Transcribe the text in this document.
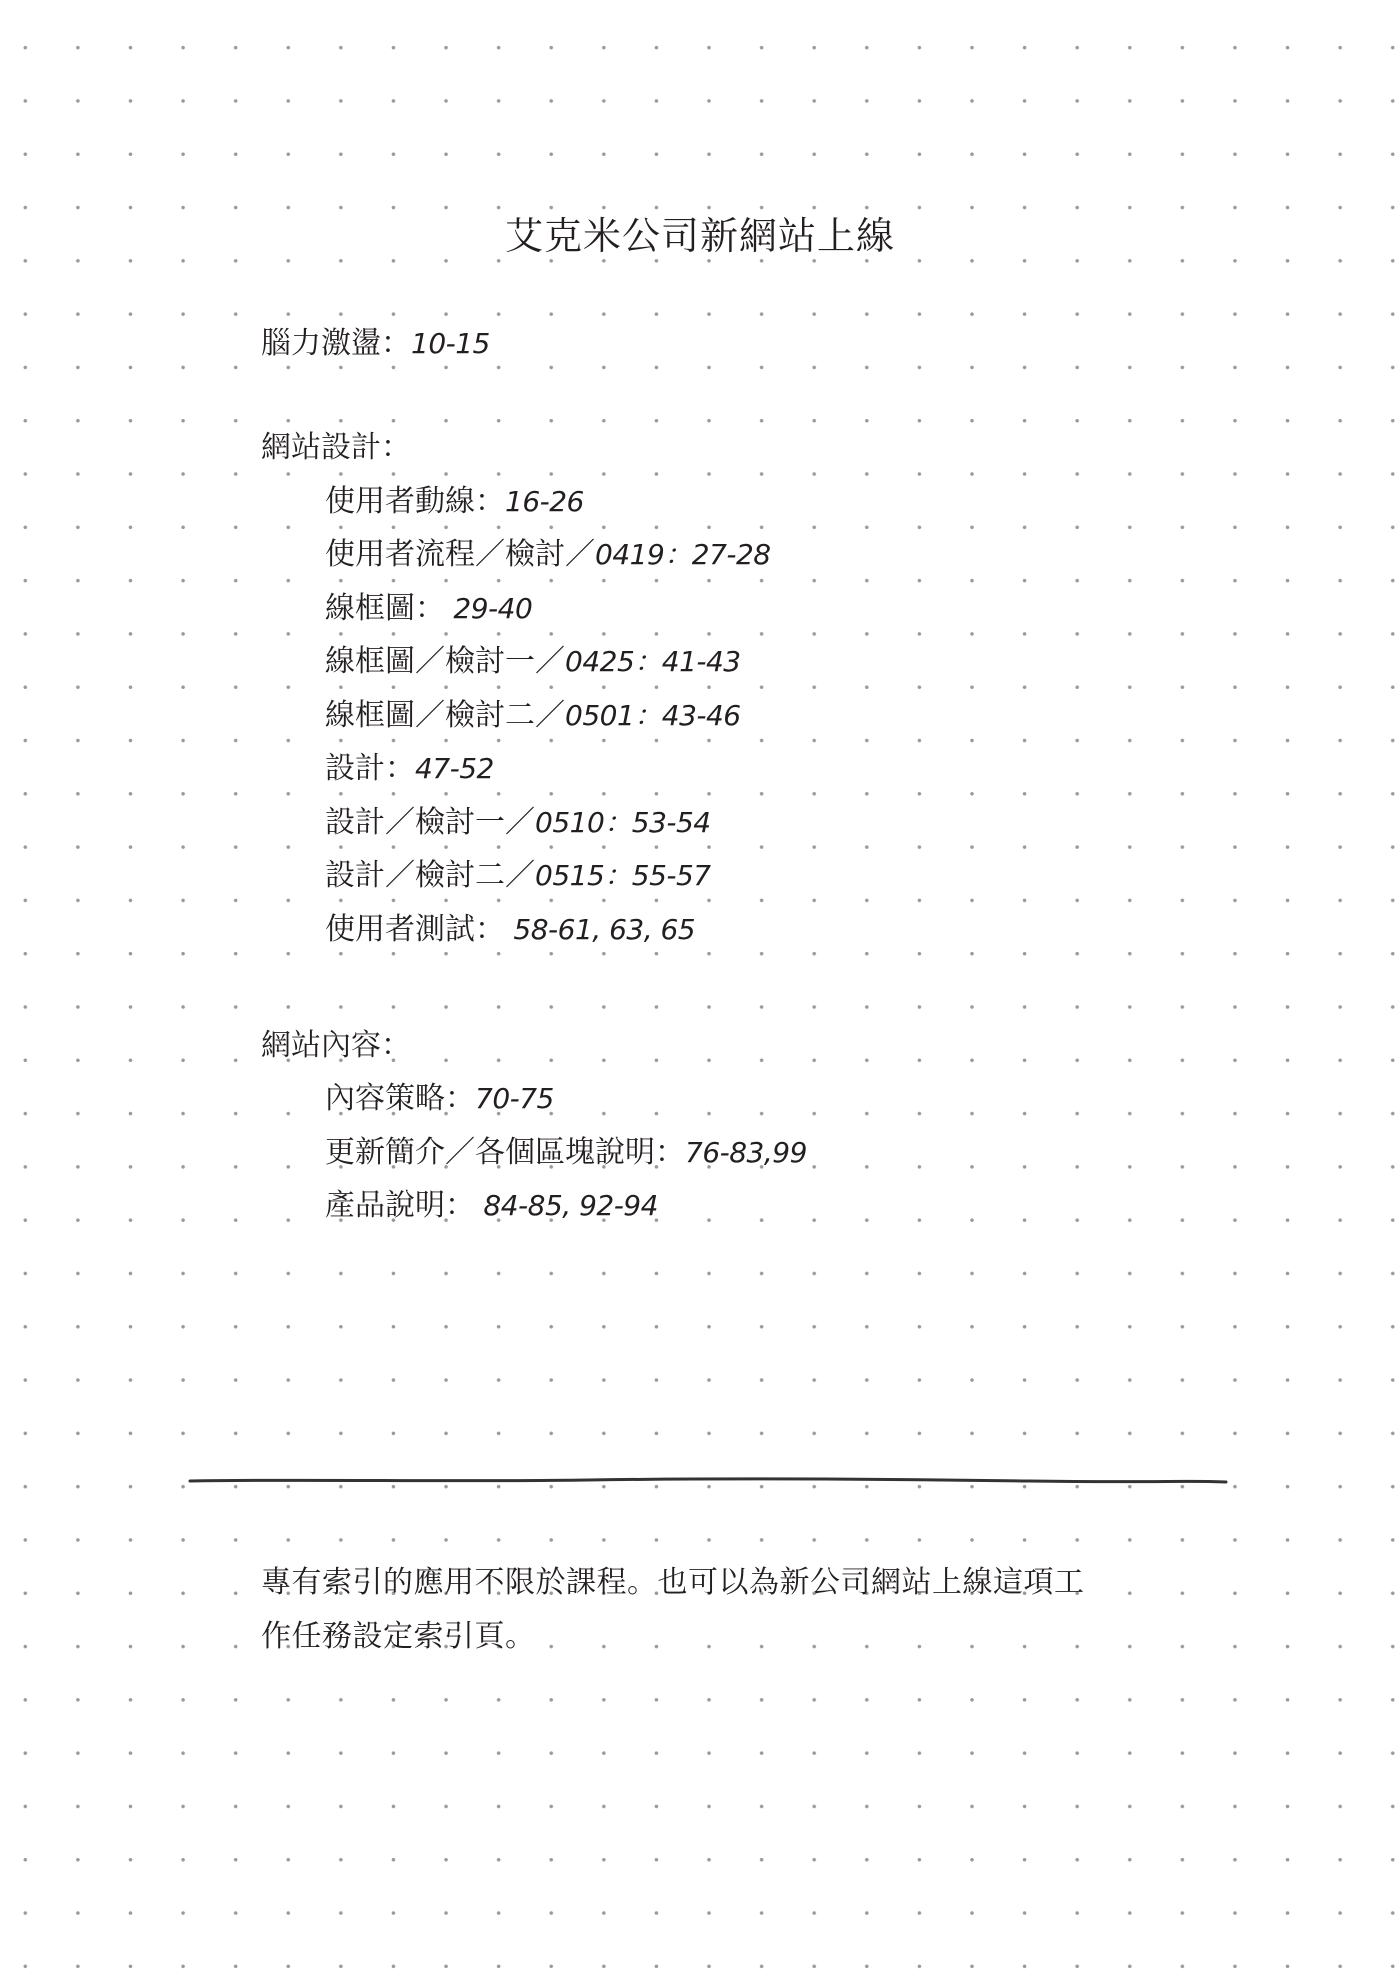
艾克米公司新網站上線
腦力激盪：10-15
網站設計：
使用者動線：16-26
使用者流程／檢討／0419：27-28
線框圖： 29-40
線框圖／檢討一／0425：41-43
線框圖／檢討二／0501：43-46
設計：47-52
設計／檢討一／0510：53-54
設計／檢討二／0515：55-57
使用者測試： 58-61, 63, 65
網站內容：
內容策略：70-75
更新簡介／各個區塊說明：76-83,99
產品說明： 84-85, 92-94
專有索引的應用不限於課程。也可以為新公司網站上線這項工
作任務設定索引頁。
